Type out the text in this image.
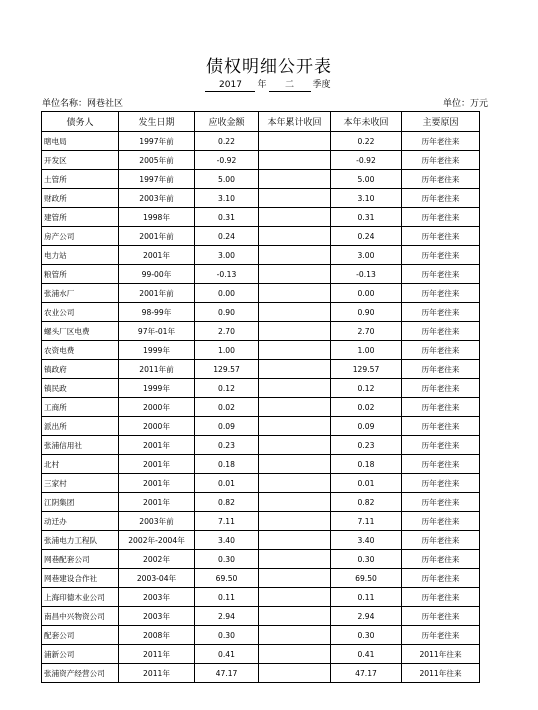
债权明细公开表
2017 年 二 季度
单位名称：网巷社区	单位：万元
债务人	发生日期	应收金额	本年累计收回	本年未收回	主要原因
瞎电局	1997年前	0.22		0.22	历年老往来
开发区	2005年前	-0.92		-0.92	历年老往来
土管所	1997年前	5.00		5.00	历年老往来
财政所	2003年前	3.10		3.10	历年老往来
建管所	1998年	0.31		0.31	历年老往来
房产公司	2001年前	0.24		0.24	历年老往来
电力站	2001年	3.00		3.00	历年老往来
粮管所	99-00年	-0.13		-0.13	历年老往来
张浦水厂	2001年前	0.00		0.00	历年老往来
农业公司	98-99年	0.90		0.90	历年老往来
螺头厂区电费	97年-01年	2.70		2.70	历年老往来
农资电费	1999年	1.00		1.00	历年老往来
镇政府	2011年前	129.57		129.57	历年老往来
镇民政	1999年	0.12		0.12	历年老往来
工商所	2000年	0.02		0.02	历年老往来
派出所	2000年	0.09		0.09	历年老往来
张浦信用社	2001年	0.23		0.23	历年老往来
北村	2001年	0.18		0.18	历年老往来
三家村	2001年	0.01		0.01	历年老往来
江阴集团	2001年	0.82		0.82	历年老往来
动迁办	2003年前	7.11		7.11	历年老往来
张浦电力工程队	2002年-2004年	3.40		3.40	历年老往来
网巷配套公司	2002年	0.30		0.30	历年老往来
网巷建设合作社	2003-04年	69.50		69.50	历年老往来
上海印德木业公司	2003年	0.11		0.11	历年老往来
南昌中兴物资公司	2003年	2.94		2.94	历年老往来
配套公司	2008年	0.30		0.30	历年老往来
浦新公司	2011年	0.41		0.41	2011年往来
张浦资产经营公司	2011年	47.17		47.17	2011年往来
